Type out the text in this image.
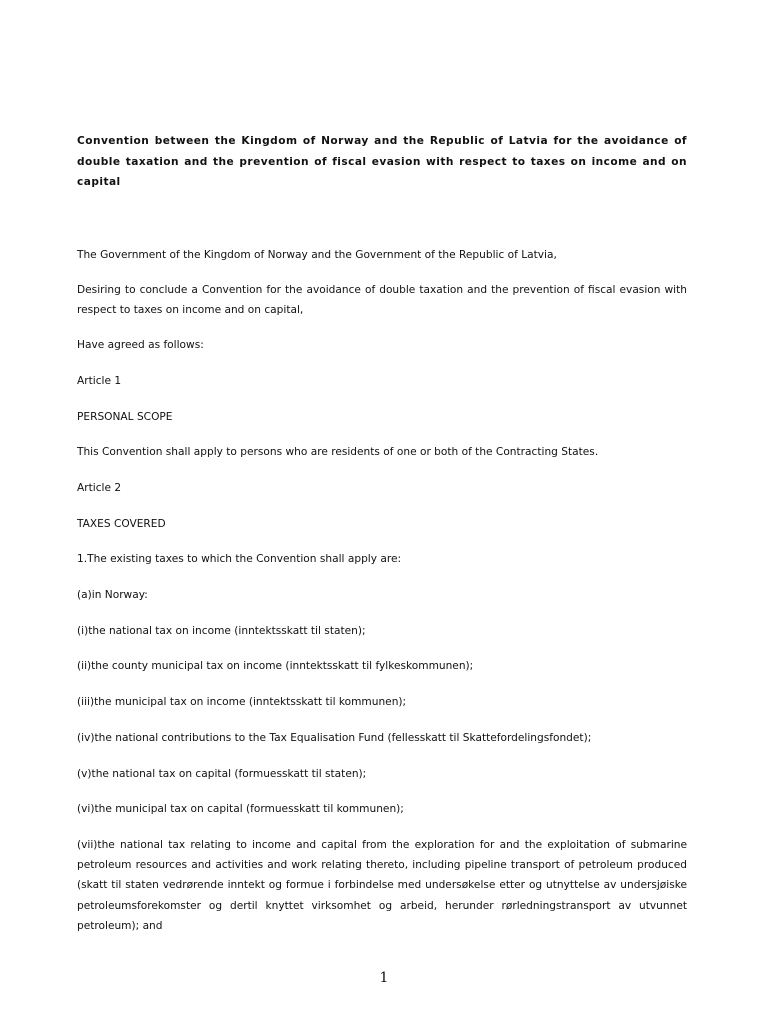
Convention between the Kingdom of Norway and the Republic of Latvia for the avoidance of double taxation and the prevention of fiscal evasion with respect to taxes on income and on capital

The Government of the Kingdom of Norway and the Government of the Republic of Latvia,

Desiring to conclude a Convention for the avoidance of double taxation and the prevention of fiscal evasion with respect to taxes on income and on capital,

Have agreed as follows:

Article 1

PERSONAL SCOPE

This Convention shall apply to persons who are residents of one or both of the Contracting States.

Article 2

TAXES COVERED

1.The existing taxes to which the Convention shall apply are:

(a)in Norway:

(i)the national tax on income (inntektsskatt til staten);

(ii)the county municipal tax on income (inntektsskatt til fylkeskommunen);

(iii)the municipal tax on income (inntektsskatt til kommunen);

(iv)the national contributions to the Tax Equalisation Fund (fellesskatt til Skattefordelingsfondet);

(v)the national tax on capital (formuesskatt til staten);

(vi)the municipal tax on capital (formuesskatt til kommunen);

(vii)the national tax relating to income and capital from the exploration for and the exploitation of submarine petroleum resources and activities and work relating thereto, including pipeline transport of petroleum produced (skatt til staten vedrørende inntekt og formue i forbindelse med undersøkelse etter og utnyttelse av undersjøiske petroleumsforekomster og dertil knyttet virksomhet og arbeid, herunder rørledningstransport av utvunnet petroleum); and

1
